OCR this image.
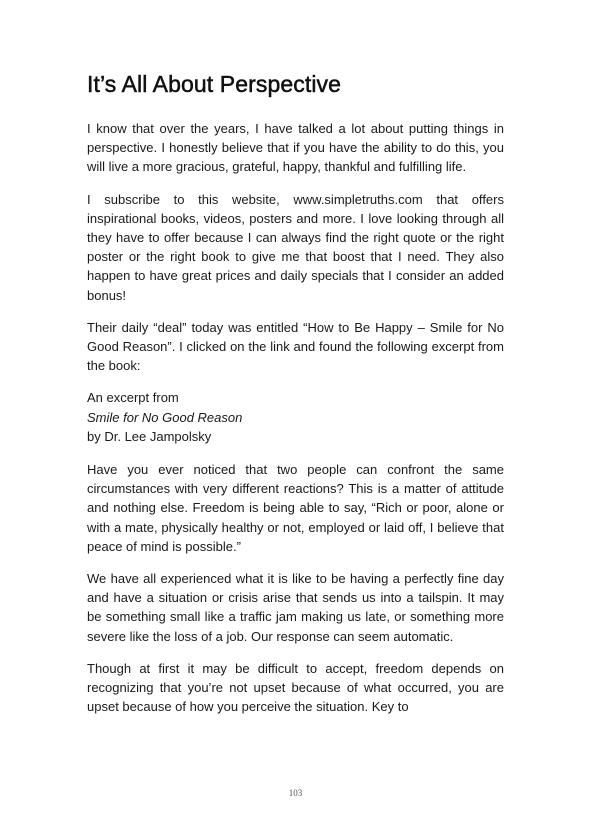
It’s All About Perspective

I know that over the years, I have talked a lot about putting things in perspective. I honestly believe that if you have the ability to do this, you will live a more gracious, grateful, happy, thankful and fulfilling life.

I subscribe to this website, www.simpletruths.com that offers inspirational books, videos, posters and more. I love looking through all they have to offer because I can always find the right quote or the right poster or the right book to give me that boost that I need. They also happen to have great prices and daily specials that I consider an added bonus!

Their daily “deal” today was entitled “How to Be Happy – Smile for No Good Reason”. I clicked on the link and found the following excerpt from the book:

An excerpt from
Smile for No Good Reason
by Dr. Lee Jampolsky

Have you ever noticed that two people can confront the same circumstances with very different reactions? This is a matter of attitude and nothing else. Freedom is being able to say, “Rich or poor, alone or with a mate, physically healthy or not, employed or laid off, I believe that peace of mind is possible.”

We have all experienced what it is like to be having a perfectly fine day and have a situation or crisis arise that sends us into a tailspin. It may be something small like a traffic jam making us late, or something more severe like the loss of a job. Our response can seem automatic.

Though at first it may be difficult to accept, freedom depends on recognizing that you’re not upset because of what occurred, you are upset because of how you perceive the situation. Key to

103
